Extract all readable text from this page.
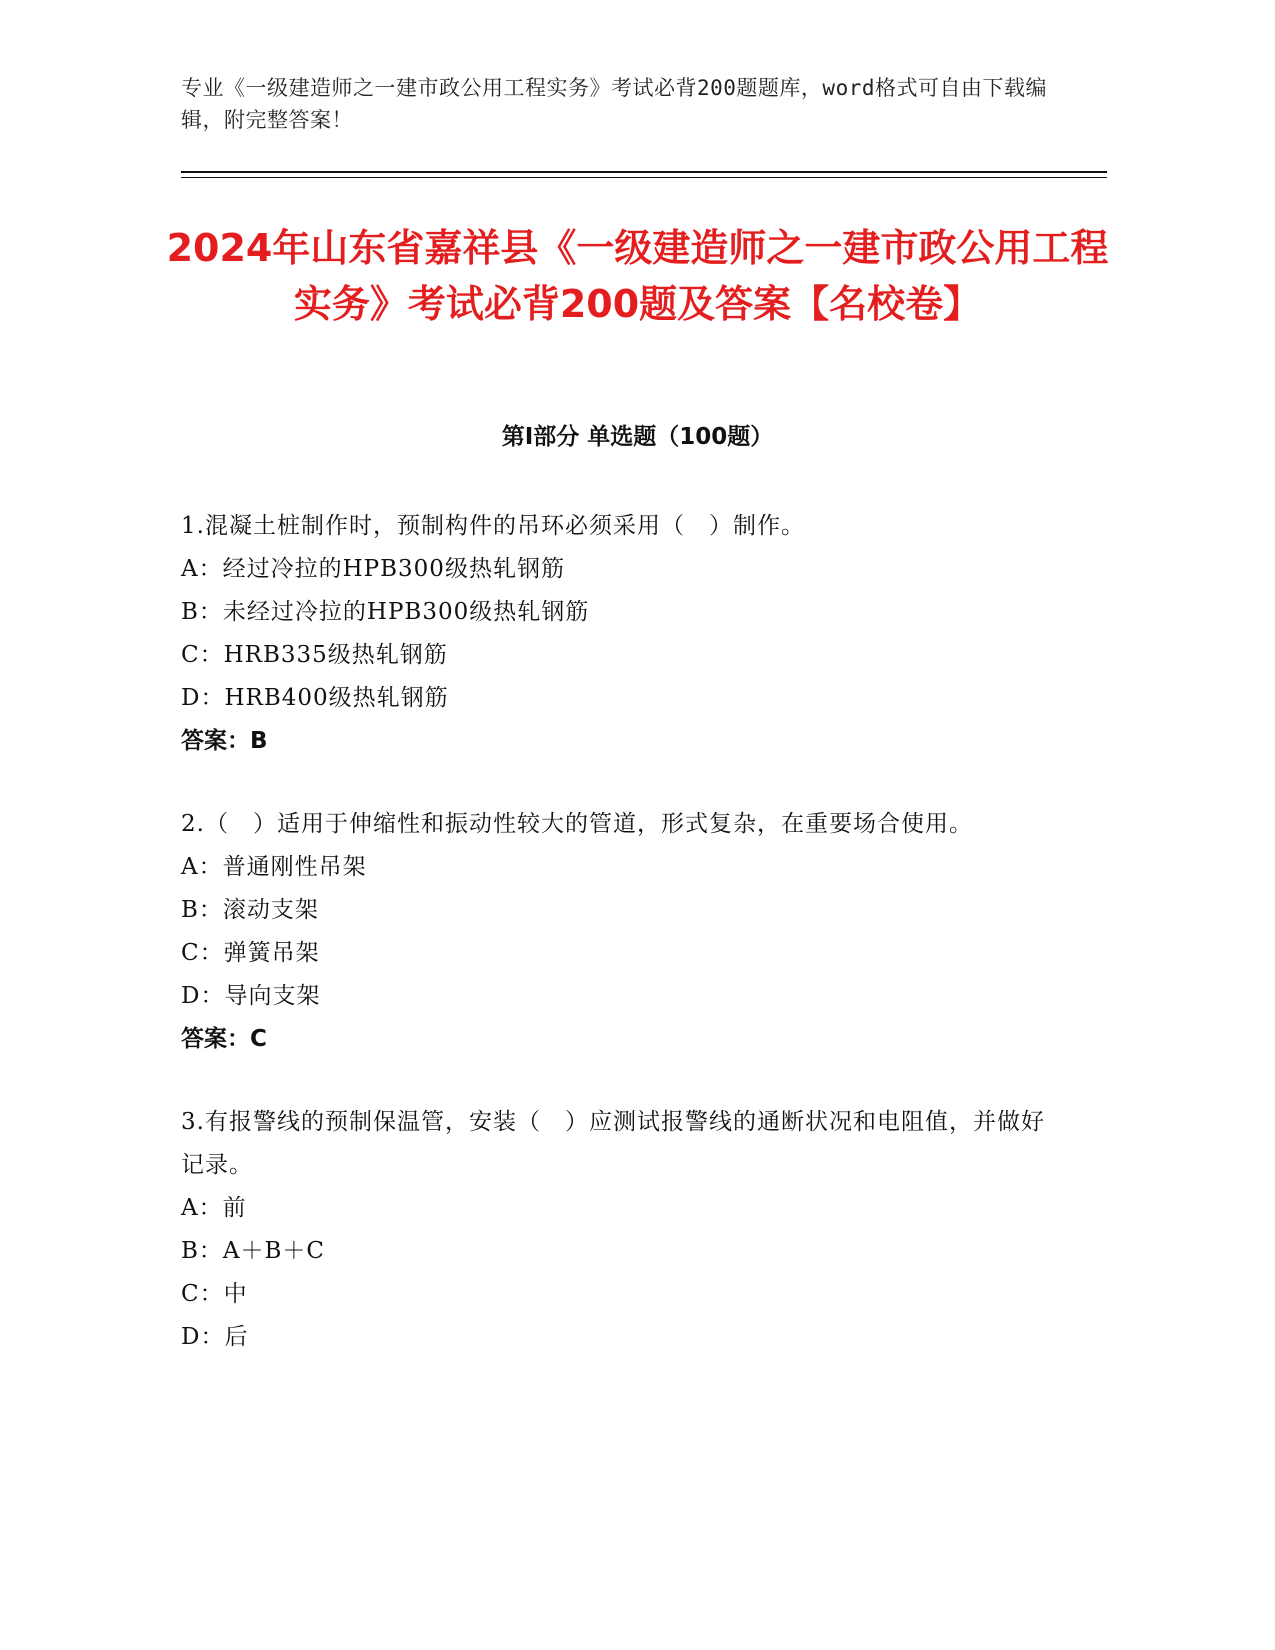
专业《一级建造师之一建市政公用工程实务》考试必背200题题库，word格式可自由下载编辑，附完整答案！
2024年山东省嘉祥县《一级建造师之一建市政公用工程实务》考试必背200题及答案【名校卷】
第Ⅰ部分 单选题（100题）
1.混凝土桩制作时，预制构件的吊环必须采用（　）制作。
A：经过冷拉的HPB300级热轧钢筋
B：未经过冷拉的HPB300级热轧钢筋
C：HRB335级热轧钢筋
D：HRB400级热轧钢筋
答案：B
2.（　）适用于伸缩性和振动性较大的管道，形式复杂，在重要场合使用。
A：普通刚性吊架
B：滚动支架
C：弹簧吊架
D：导向支架
答案：C
3.有报警线的预制保温管，安装（　）应测试报警线的通断状况和电阻值，并做好记录。
A：前
B：A＋B＋C
C：中
D：后
